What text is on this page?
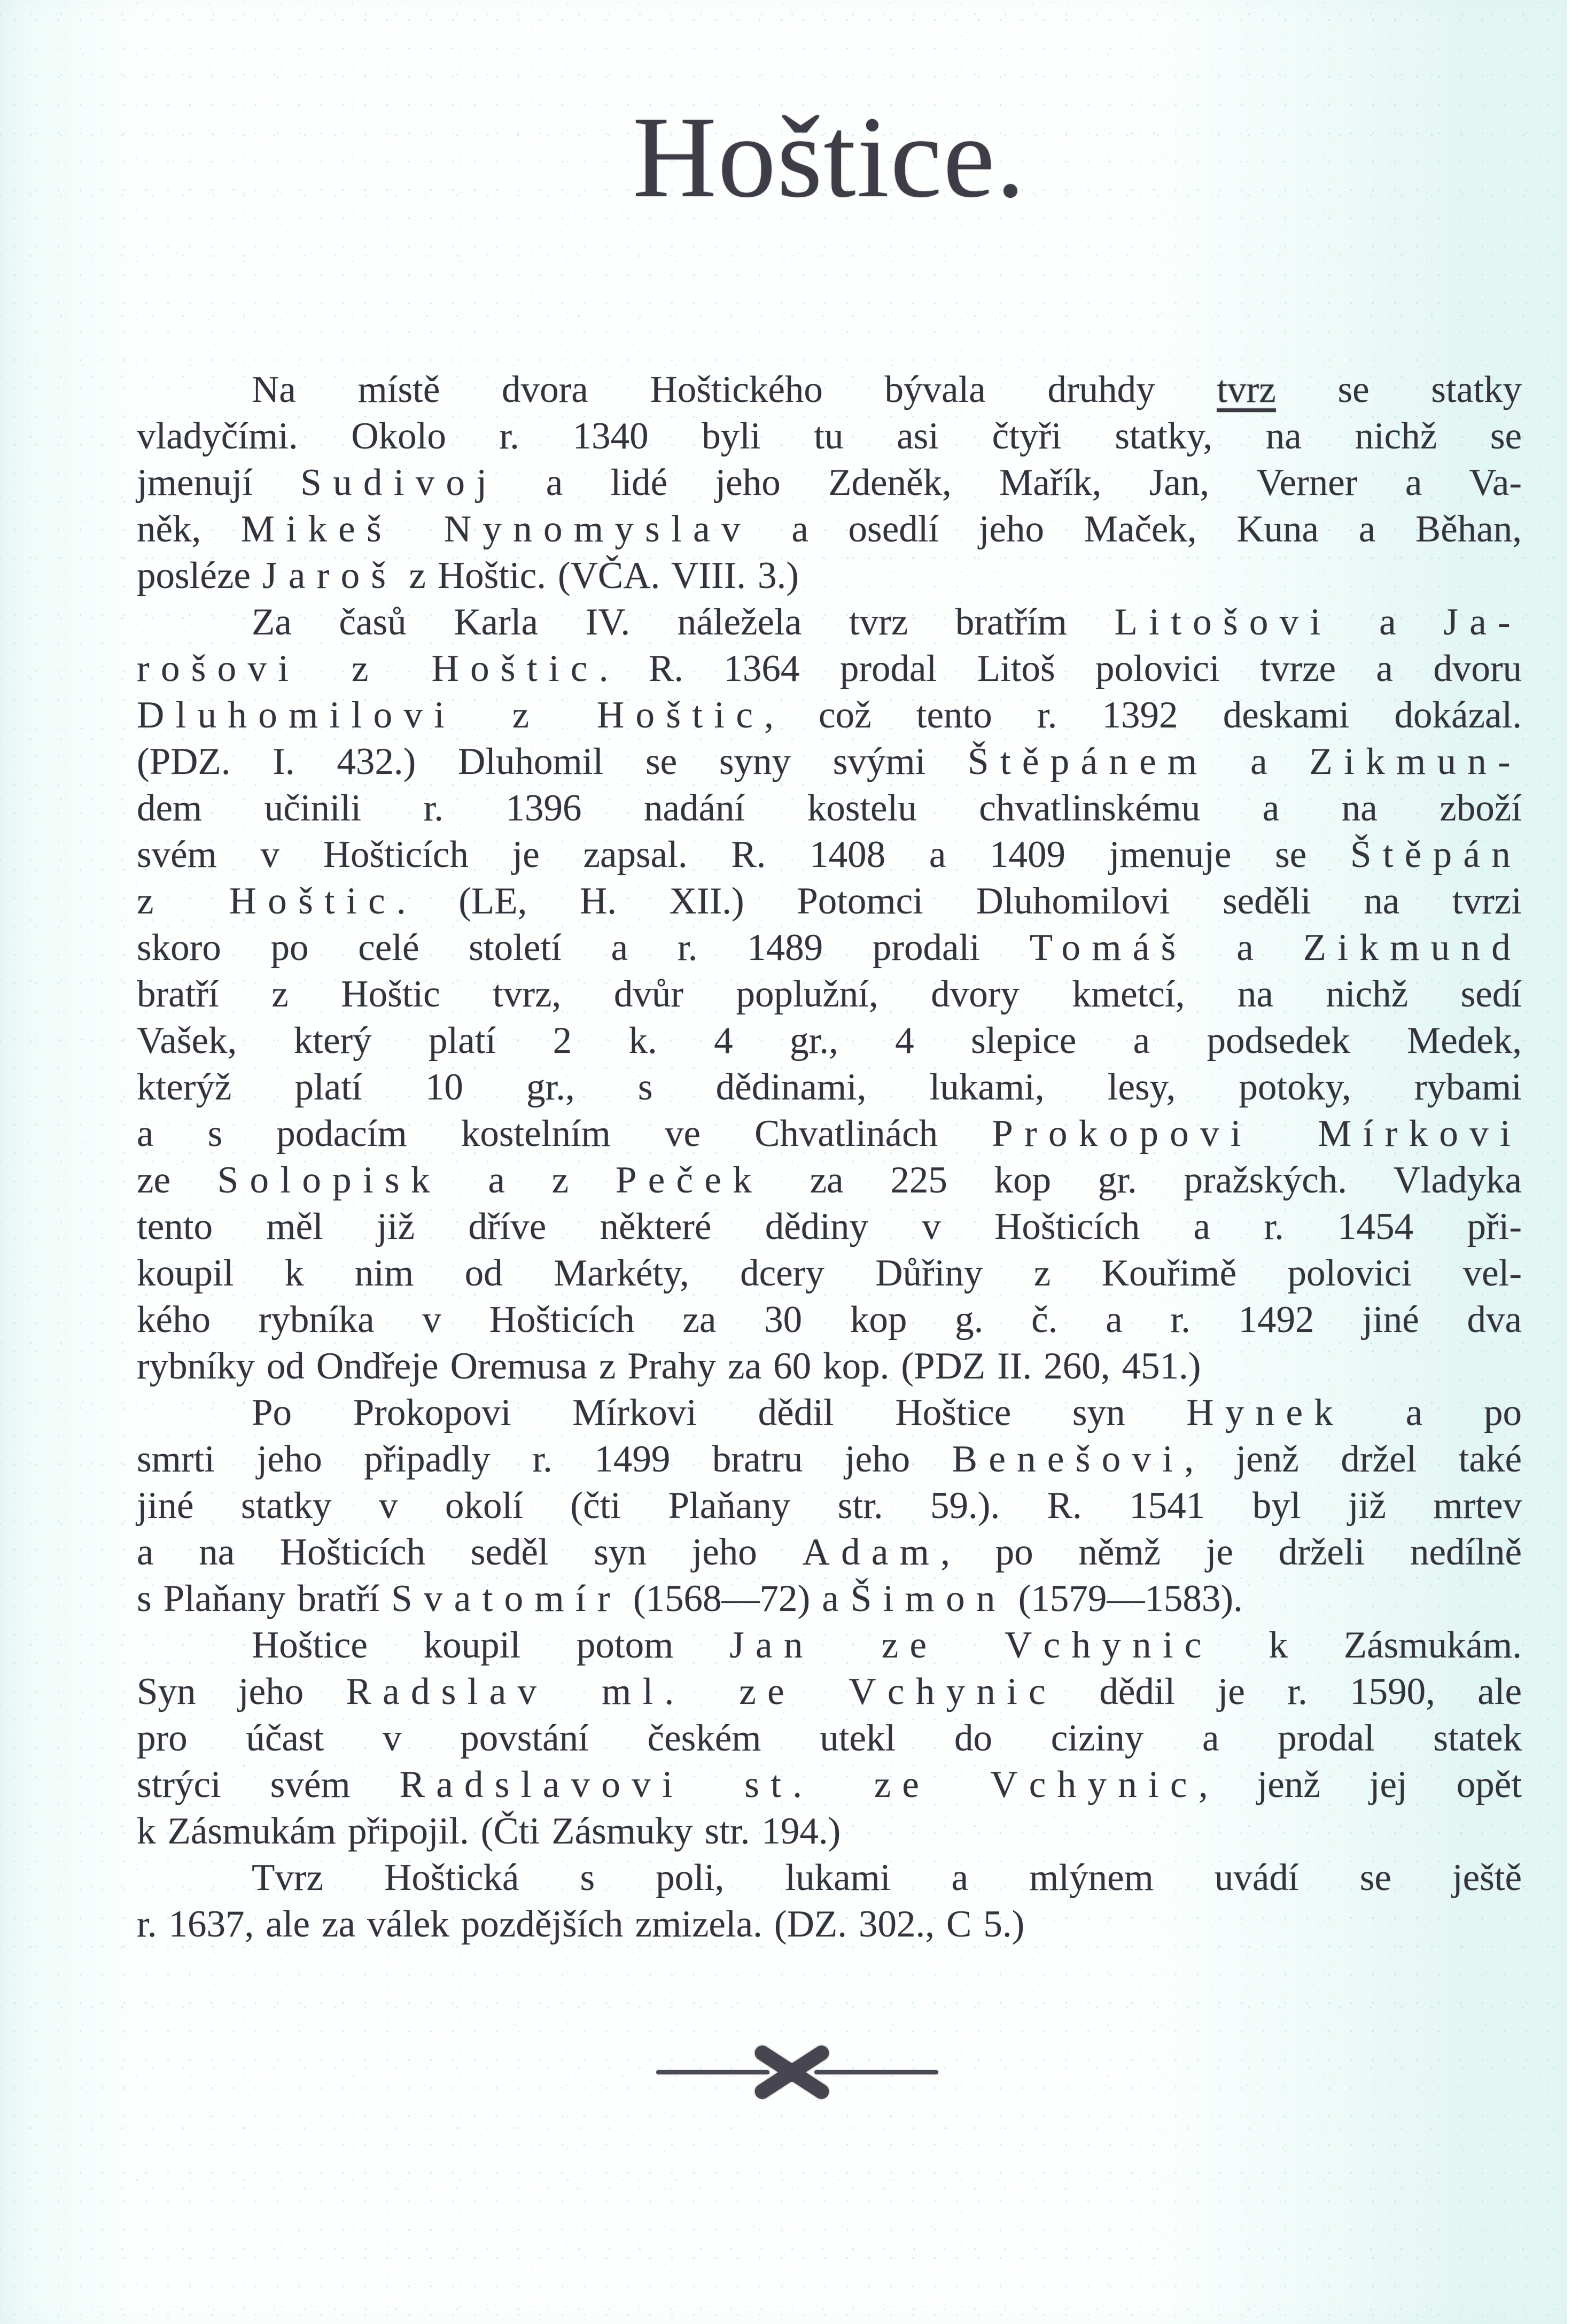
Hoštice.
Na místě dvora Hoštického bývala druhdy tvrz se statky
vladyčími. Okolo r. 1340 byli tu asi čtyři statky, na nichž se
jmenují Sudivoj a lidé jeho Zdeněk, Mařík, Jan, Verner a Va-
něk, Mikeš Nynomyslav a osedlí jeho Maček, Kuna a Běhan,
posléze Jaroš z Hoštic. (VČA. VIII. 3.)
Za časů Karla IV. náležela tvrz bratřím Litošovi a Ja-
rošovi z Hoštic. R. 1364 prodal Litoš polovici tvrze a dvoru
Dluhomilovi z Hoštic, což tento r. 1392 deskami dokázal.
(PDZ. I. 432.) Dluhomil se syny svými Štěpánem a Zikmun-
dem učinili r. 1396 nadání kostelu chvatlinskému a na zboží
svém v Hošticích je zapsal. R. 1408 a 1409 jmenuje se Štěpán
z Hoštic. (LE, H. XII.) Potomci Dluhomilovi seděli na tvrzi
skoro po celé století a r. 1489 prodali Tomáš a Zikmund
bratří z Hoštic tvrz, dvůr poplužní, dvory kmetcí, na nichž sedí
Vašek, který platí 2 k. 4 gr., 4 slepice a podsedek Medek,
kterýž platí 10 gr., s dědinami, lukami, lesy, potoky, rybami
a s podacím kostelním ve Chvatlinách Prokopovi Mírkovi
ze Solopisk a z Peček za 225 kop gr. pražských. Vladyka
tento měl již dříve některé dědiny v Hošticích a r. 1454 při-
koupil k nim od Markéty, dcery Důřiny z Kouřimě polovici vel-
kého rybníka v Hošticích za 30 kop g. č. a r. 1492 jiné dva
rybníky od Ondřeje Oremusa z Prahy za 60 kop. (PDZ II. 260, 451.)
Po Prokopovi Mírkovi dědil Hoštice syn Hynek a po
smrti jeho připadly r. 1499 bratru jeho Benešovi, jenž držel také
jiné statky v okolí (čti Plaňany str. 59.). R. 1541 byl již mrtev
a na Hošticích seděl syn jeho Adam, po němž je drželi nedílně
s Plaňany bratří Svatomír (1568—72) a Šimon (1579—1583).
Hoštice koupil potom Jan ze Vchynic k Zásmukám.
Syn jeho Radslav ml. ze Vchynic dědil je r. 1590, ale
pro účast v povstání českém utekl do ciziny a prodal statek
strýci svém Radslavovi st. ze Vchynic, jenž jej opět
k Zásmukám připojil. (Čti Zásmuky str. 194.)
Tvrz Hoštická s poli, lukami a mlýnem uvádí se ještě
r. 1637, ale za válek pozdějších zmizela. (DZ. 302., C 5.)
